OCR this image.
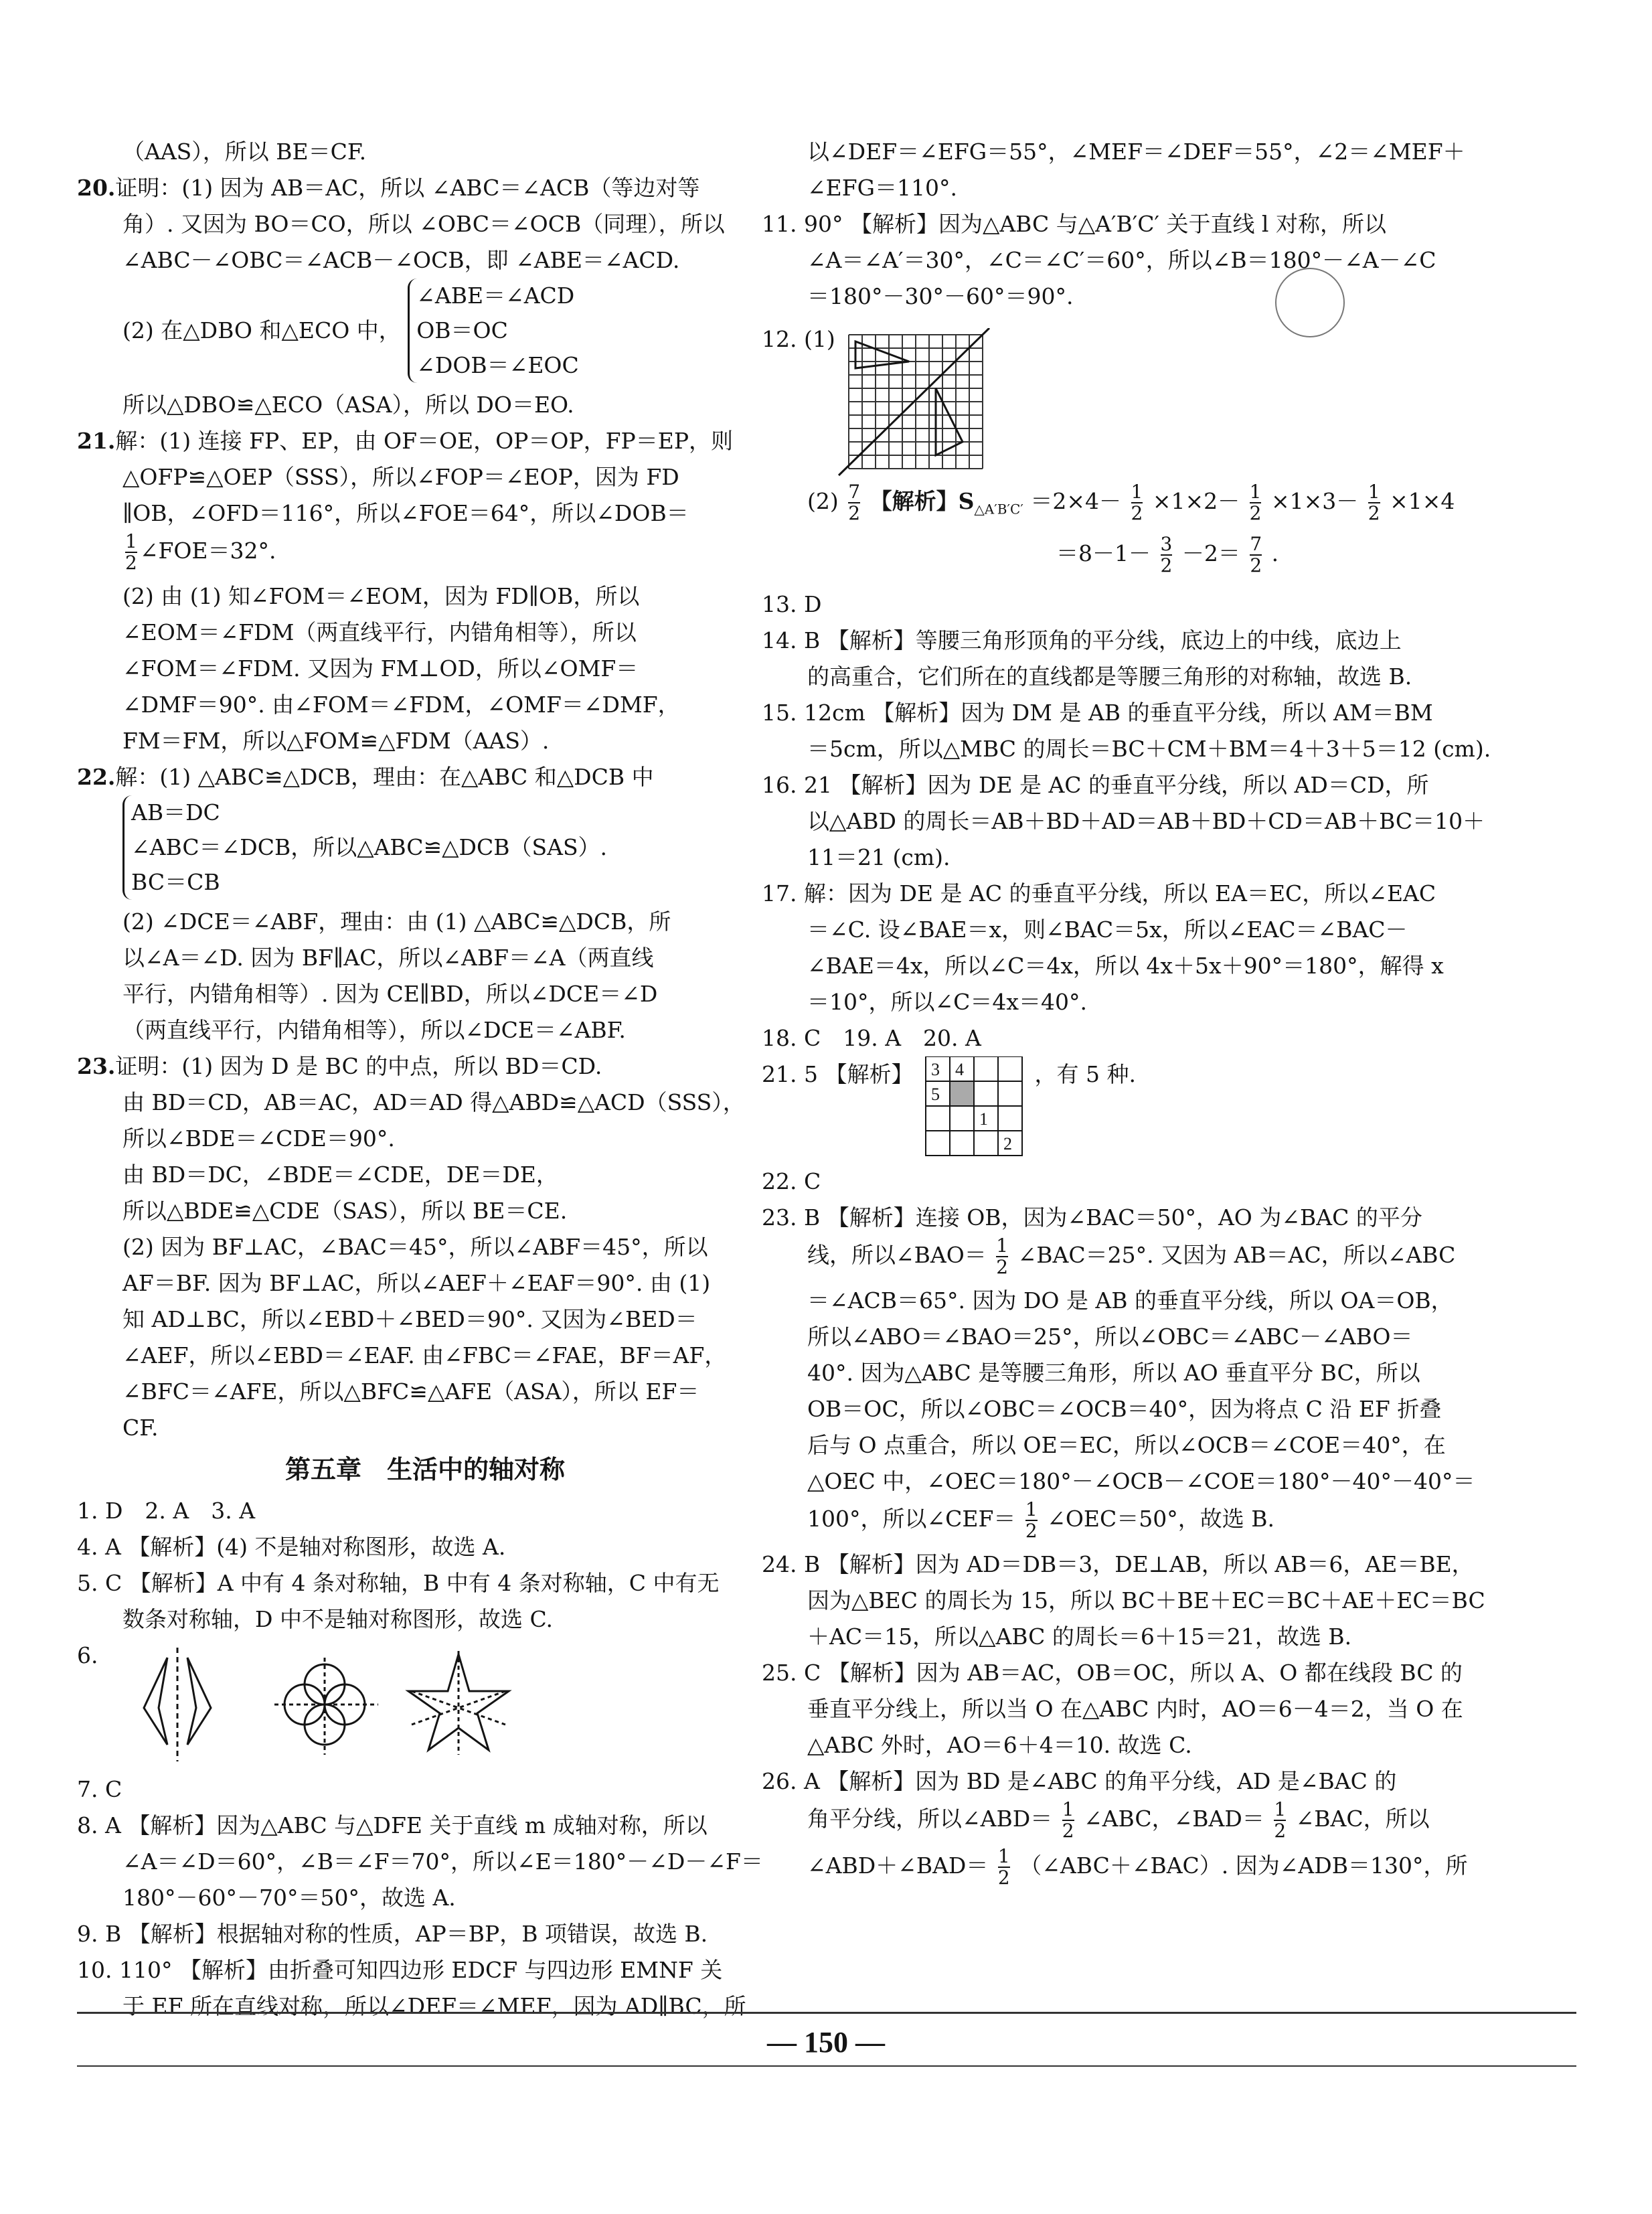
（AAS），所以 BE＝CF.
20.证明：(1) 因为 AB＝AC，所以 ∠ABC＝∠ACB（等边对等
角）. 又因为 BO＝CO，所以 ∠OBC＝∠OCB（同理），所以
∠ABC－∠OBC＝∠ACB－∠OCB，即 ∠ABE＝∠ACD.
(2) 在△DBO 和△ECO 中，
∠ABE＝∠ACD
OB＝OC
∠DOB＝∠EOC
所以△DBO≌△ECO（ASA），所以 DO＝EO.
21.解：(1) 连接 FP、EP，由 OF＝OE，OP＝OP，FP＝EP，则
△OFP≌△OEP（SSS），所以∠FOP＝∠EOP，因为 FD
∥OB，∠OFD＝116°，所以∠FOE＝64°，所以∠DOB＝
$\frac{1}{2}$ ∠FOE＝32°.
(2) 由 (1) 知∠FOM＝∠EOM，因为 FD∥OB，所以
∠EOM＝∠FDM（两直线平行，内错角相等），所以
∠FOM＝∠FDM. 又因为 FM⊥OD，所以∠OMF＝
∠DMF＝90°. 由∠FOM＝∠FDM，∠OMF＝∠DMF，
FM＝FM，所以△FOM≌△FDM（AAS）.
22.解：(1) △ABC≌△DCB，理由：在△ABC 和△DCB 中
AB＝DC
∠ABC＝∠DCB，所以△ABC≌△DCB（SAS）.
BC＝CB
(2) ∠DCE＝∠ABF，理由：由 (1) △ABC≌△DCB，所
以∠A＝∠D. 因为 BF∥AC，所以∠ABF＝∠A（两直线
平行，内错角相等）. 因为 CE∥BD，所以∠DCE＝∠D
（两直线平行，内错角相等），所以∠DCE＝∠ABF.
23.证明：(1) 因为 D 是 BC 的中点，所以 BD＝CD.
由 BD＝CD，AB＝AC，AD＝AD 得△ABD≌△ACD（SSS），
所以∠BDE＝∠CDE＝90°.
由 BD＝DC，∠BDE＝∠CDE，DE＝DE，
所以△BDE≌△CDE（SAS），所以 BE＝CE.
(2) 因为 BF⊥AC，∠BAC＝45°，所以∠ABF＝45°，所以
AF＝BF. 因为 BF⊥AC，所以∠AEF＋∠EAF＝90°. 由 (1)
知 AD⊥BC，所以∠EBD＋∠BED＝90°. 又因为∠BED＝
∠AEF，所以∠EBD＝∠EAF. 由∠FBC＝∠FAE，BF＝AF，
∠BFC＝∠AFE，所以△BFC≌△AFE（ASA），所以 EF＝
CF.
第五章　生活中的轴对称
1. D　2. A　3. A
4. A 【解析】(4) 不是轴对称图形，故选 A.
5. C 【解析】A 中有 4 条对称轴，B 中有 4 条对称轴，C 中有无
数条对称轴，D 中不是轴对称图形，故选 C.
6.
7. C
8. A 【解析】因为△ABC 与△DFE 关于直线 m 成轴对称，所以
∠A＝∠D＝60°，∠B＝∠F＝70°，所以∠E＝180°－∠D－∠F＝
180°－60°－70°＝50°，故选 A.
9. B 【解析】根据轴对称的性质，AP＝BP，B 项错误，故选 B.
10. 110° 【解析】由折叠可知四边形 EDCF 与四边形 EMNF 关
于 EF 所在直线对称，所以∠DEF＝∠MEF，因为 AD∥BC，所
以∠DEF＝∠EFG＝55°，∠MEF＝∠DEF＝55°，∠2＝∠MEF＋
∠EFG＝110°.
11. 90° 【解析】因为△ABC 与△A′B′C′ 关于直线 l 对称，所以
∠A＝∠A′＝30°，∠C＝∠C′＝60°，所以∠B＝180°－∠A－∠C
＝180°－30°－60°＝90°.
12. (1)
$(2) \frac{7}{2}$ 【解析】$S_{\triangle A'B'C'} =2\times 4- \frac{1}{2} \times 1\times 2- \frac{1}{2} \times 1\times 3- \frac{1}{2} \times 1\times 4$
$=8-1- \frac{3}{2} -2= \frac{7}{2}$ .
13. D
14. B 【解析】等腰三角形顶角的平分线，底边上的中线，底边上
的高重合，它们所在的直线都是等腰三角形的对称轴，故选 B.
15. 12cm 【解析】因为 DM 是 AB 的垂直平分线，所以 AM＝BM
＝5cm，所以△MBC 的周长＝BC＋CM＋BM＝4＋3＋5＝12 (cm).
16. 21 【解析】因为 DE 是 AC 的垂直平分线，所以 AD＝CD，所
以△ABD 的周长＝AB＋BD＋AD＝AB＋BD＋CD＝AB＋BC＝10＋
11＝21 (cm).
17. 解：因为 DE 是 AC 的垂直平分线，所以 EA＝EC，所以∠EAC
＝∠C. 设∠BAE＝x，则∠BAC＝5x，所以∠EAC＝∠BAC－
∠BAE＝4x，所以∠C＝4x，所以 4x＋5x＋90°＝180°，解得 x
＝10°，所以∠C＝4x＝40°.
18. C　19. A　20. A
21. 5 【解析】 3 4
5
1
2
，有 5 种.
22. C
23. B 【解析】连接 OB，因为∠BAC＝50°，AO 为∠BAC 的平分
线，所以∠BAO＝ $\frac{1}{2}$ ∠BAC＝25°. 又因为 AB＝AC，所以∠ABC
＝∠ACB＝65°. 因为 DO 是 AB 的垂直平分线，所以 OA＝OB，
所以∠ABO＝∠BAO＝25°，所以∠OBC＝∠ABC－∠ABO＝
40°. 因为△ABC 是等腰三角形，所以 AO 垂直平分 BC，所以
OB＝OC，所以∠OBC＝∠OCB＝40°，因为将点 C 沿 EF 折叠
后与 O 点重合，所以 OE＝EC，所以∠OCB＝∠COE＝40°，在
△OEC 中，∠OEC＝180°－∠OCB－∠COE＝180°－40°－40°＝
100°，所以∠CEF＝ $\frac{1}{2}$ ∠OEC＝50°，故选 B.
24. B 【解析】因为 AD＝DB＝3，DE⊥AB，所以 AB＝6，AE＝BE，
因为△BEC 的周长为 15，所以 BC＋BE＋EC＝BC＋AE＋EC＝BC
＋AC＝15，所以△ABC 的周长＝6＋15＝21，故选 B.
25. C 【解析】因为 AB＝AC，OB＝OC，所以 A、O 都在线段 BC 的
垂直平分线上，所以当 O 在△ABC 内时，AO＝6－4＝2，当 O 在
△ABC 外时，AO＝6＋4＝10. 故选 C.
26. A 【解析】因为 BD 是∠ABC 的角平分线，AD 是∠BAC 的
角平分线，所以∠ABD＝ $\frac{1}{2}$ ∠ABC，∠BAD＝ $\frac{1}{2}$ ∠BAC，所以
∠ABD＋∠BAD＝ $\frac{1}{2}$ （∠ABC＋∠BAC）. 因为∠ADB＝130°，所
— 150 —
